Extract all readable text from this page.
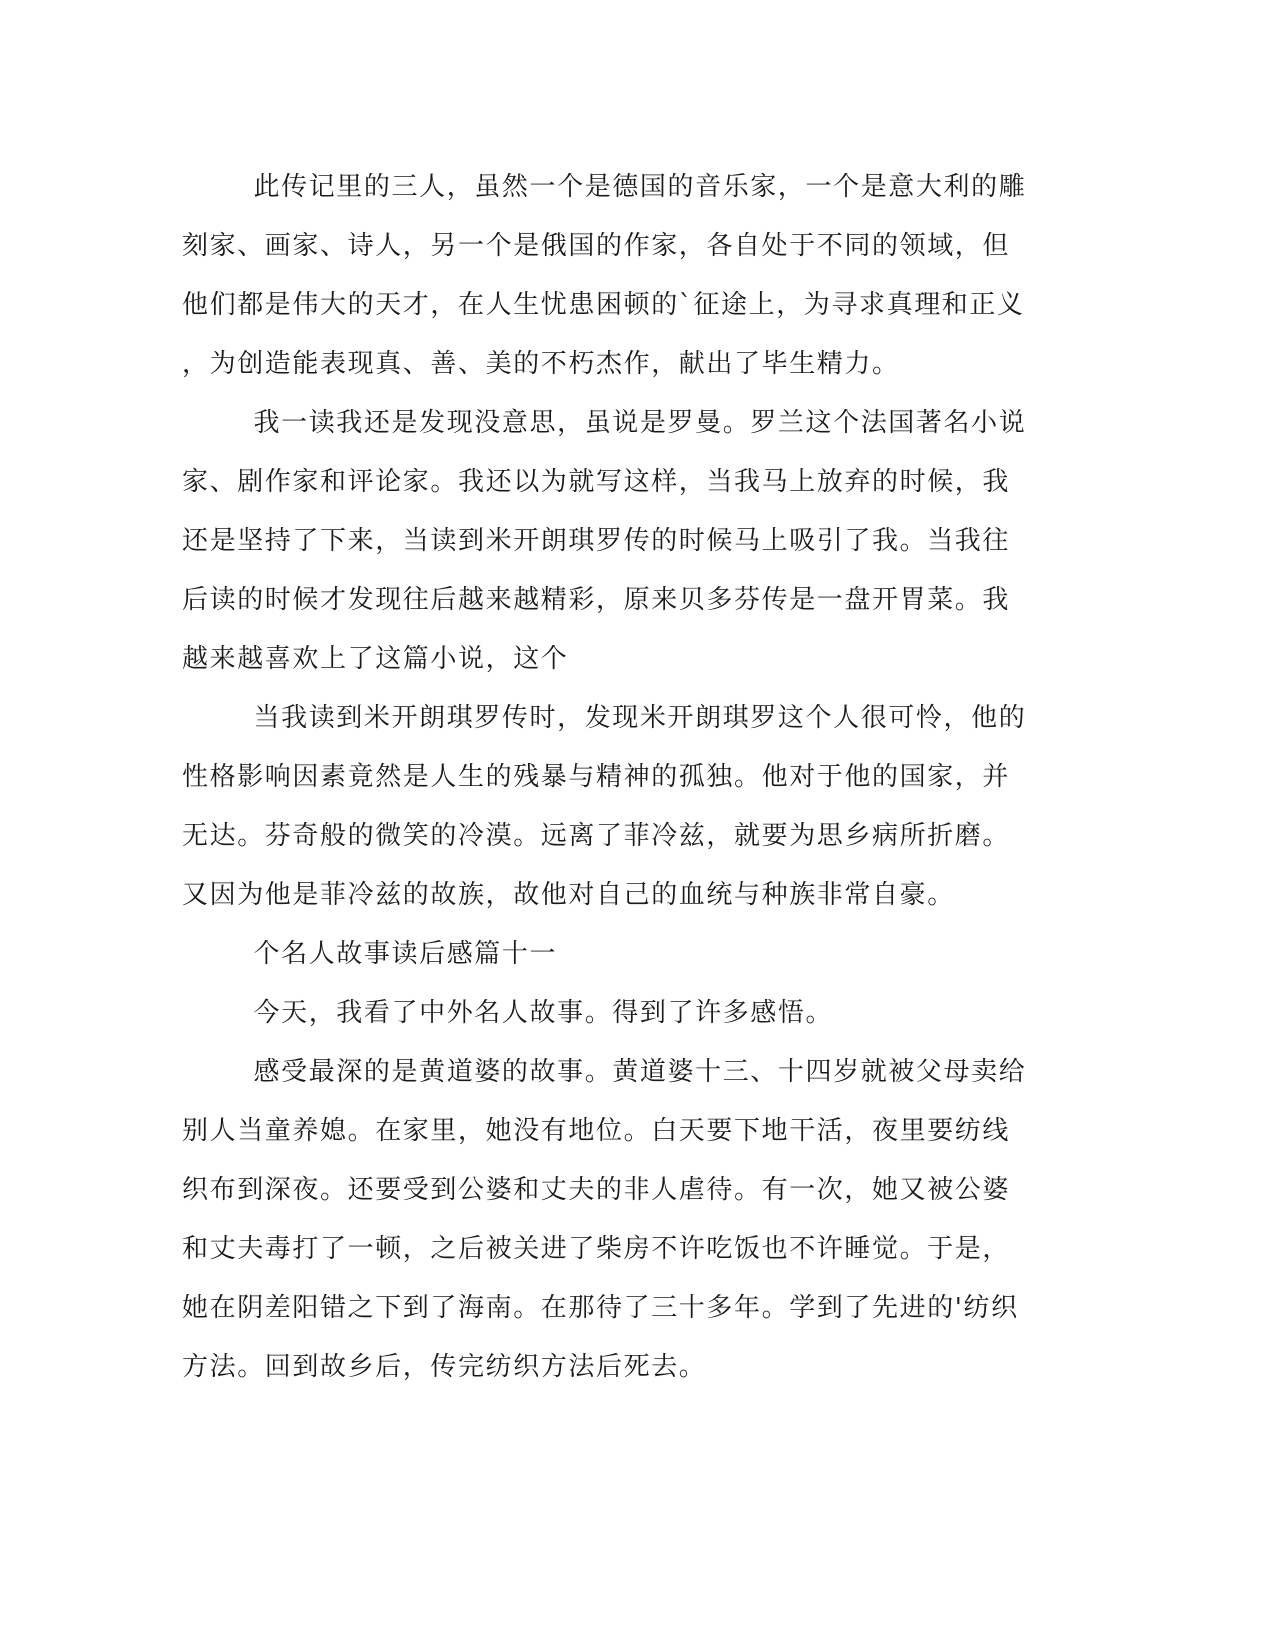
此传记里的三人，虽然一个是德国的音乐家，一个是意大利的雕
刻家、画家、诗人，另一个是俄国的作家，各自处于不同的领域，但
他们都是伟大的天才，在人生忧患困顿的`征途上，为寻求真理和正义
，为创造能表现真、善、美的不朽杰作，献出了毕生精力。

我一读我还是发现没意思，虽说是罗曼。罗兰这个法国著名小说
家、剧作家和评论家。我还以为就写这样，当我马上放弃的时候，我
还是坚持了下来，当读到米开朗琪罗传的时候马上吸引了我。当我往
后读的时候才发现往后越来越精彩，原来贝多芬传是一盘开胃菜。我
越来越喜欢上了这篇小说，这个

当我读到米开朗琪罗传时，发现米开朗琪罗这个人很可怜，他的
性格影响因素竟然是人生的残暴与精神的孤独。他对于他的国家，并
无达。芬奇般的微笑的冷漠。远离了菲冷兹，就要为思乡病所折磨。
又因为他是菲冷兹的故族，故他对自己的血统与种族非常自豪。

个名人故事读后感篇十一

今天，我看了中外名人故事。得到了许多感悟。

感受最深的是黄道婆的故事。黄道婆十三、十四岁就被父母卖给
别人当童养媳。在家里，她没有地位。白天要下地干活，夜里要纺线
织布到深夜。还要受到公婆和丈夫的非人虐待。有一次，她又被公婆
和丈夫毒打了一顿，之后被关进了柴房不许吃饭也不许睡觉。于是，
她在阴差阳错之下到了海南。在那待了三十多年。学到了先进的'纺织
方法。回到故乡后，传完纺织方法后死去。
